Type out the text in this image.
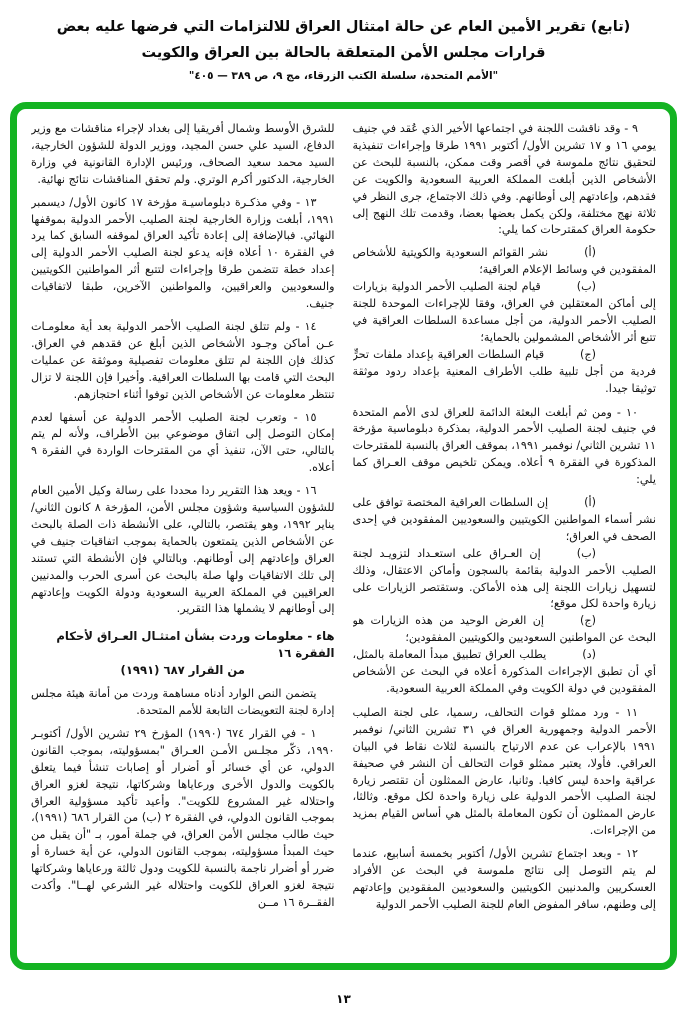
(تابع) تقرير الأمين العام عن حالة امتثال العراق للالتزامات التي فرضها عليه بعض
قرارات مجلس الأمن المتعلقة بالحالة بين العراق والكويت
"الأمم المتحدة، سلسلة الكتب الزرقاء، مج ٩، ص ٣٨٩ — ٤٠٥"

٩ - وقد ناقشت اللجنة في اجتماعها الأخير الذي عُقد في جنيف يومي ١٦ و ١٧ تشرين الأول/ أكتوبر ١٩٩١ طرقا وإجراءات تنفيذية لتحقيق نتائج ملموسة في أقصر وقت ممكن، بالنسبة للبحث عن الأشخاص الذين أبلغت المملكة العربية السعودية والكويت عن فقدهم، وإعادتهم إلى أوطانهم. وفي ذلك الاجتماع، جرى النظر في ثلاثة نهج مختلفة، ولكن يكمل بعضها بعضا، وقدمت تلك النهج إلى حكومة العراق كمقترحات كما يلي:

(أ)نشر القوائم السعودية والكويتية للأشخاص المفقودين في وسائط الإعلام العراقية؛

(ب)قيام لجنة الصليب الأحمر الدولية بزيارات إلى أماكن المعتقلين في العراق، وفقا للإجراءات الموحدة للجنة الصليب الأحمر الدولية، من أجل مساعدة السلطات العراقية في تتبع أثر الأشخاص المشمولين بالحماية؛

(ج)قيام السلطات العراقية بإعداد ملفات تحرٍّ فردية من أجل تلبية طلب الأطراف المعنية بإعداد ردود موثقة توثيقا جيدا.

١٠ - ومن ثم أبلغت البعثة الدائمة للعراق لدى الأمم المتحدة في جنيف لجنة الصليب الأحمر الدولية، بمذكرة دبلوماسية مؤرخة ١١ تشرين الثاني/ نوفمبر ١٩٩١، بموقف العراق بالنسبة للمقترحات المذكورة في الفقرة ٩ أعلاه. ويمكن تلخيص موقف العـراق كما يلي:

(أ)إن السلطات العراقية المختصة توافق على نشر أسماء المواطنين الكويتيين والسعوديين المفقودين في إحدى الصحف في العراق؛

(ب)إن العـراق على استعـداد لتزويـد لجنة الصليب الأحمر الدولية بقائمة بالسجون وأماكن الاعتقال، وذلك لتسهيل زيارات اللجنة إلى هذه الأماكن. وستقتصر الزيارات على زيارة واحدة لكل موقع؛

(ج)إن الغرض الوحيد من هذه الزيارات هو البحث عن المواطنين السعوديين والكويتيين المفقودين؛

(د)يطلب العراق تطبيق مبدأ المعاملة بالمثل، أي أن تطبق الإجراءات المذكورة أعلاه في البحث عن الأشخاص المفقودين في دولة الكويت وفي المملكة العربية السعودية.

١١ - ورد ممثلو قوات التحالف، رسميا، على لجنة الصليب الأحمر الدولية وجمهورية العراق في ٣١ تشرين الثاني/ نوفمبر ١٩٩١ بالإعراب عن عدم الارتياح بالنسبة لثلاث نقاط في البيان العراقي. فأولا، يعتبر ممثلو قوات التحالف أن النشر في صحيفة عراقية واحدة ليس كافيا. وثانيا، عارض الممثلون أن تقتصر زيارة لجنة الصليب الأحمر الدولية على زيارة واحدة لكل موقع. وثالثا، عارض الممثلون أن تكون المعاملة بالمثل هي أساس القيام بمزيد من الإجراءات.

١٢ - وبعد اجتماع تشرين الأول/ أكتوبر بخمسة أسابيع، عندما لم يتم التوصل إلى نتائج ملموسة في البحث عن الأفراد العسكريين والمدنيين الكويتيين والسعوديين المفقودين وإعادتهم إلى وطنهم، سافر المفوض العام للجنة الصليب الأحمر الدولية

للشرق الأوسط وشمال أفريقيا إلى بغداد لإجراء مناقشات مع وزير الدفاع، السيد علي حسن المجيد، ووزير الدولة للشؤون الخارجية، السيد محمد سعيد الصحاف، ورئيس الإدارة القانونية في وزارة الخارجية، الدكتور أكرم الوتري. ولم تحقق المناقشات نتائج نهائية.

١٣ - وفي مذكـرة دبلوماسيـة مؤرخة ١٧ كانون الأول/ ديسمبر ١٩٩١، أبلغت وزارة الخارجية لجنة الصليب الأحمر الدولية بموقفها النهائي. فبالإضافة إلى إعادة تأكيد العراق لموقفه السابق كما يرد في الفقرة ١٠ أعلاه فإنه يدعو لجنة الصليب الأحمر الدولية إلى إعداد خطة تتضمن طرقا وإجراءات لتتبع أثر المواطنين الكويتيين والسعوديين والعراقيين، والمواطنين الآخرين، طبقا لاتفاقيات جنيف.

١٤ - ولم تتلق لجنة الصليب الأحمر الدولية بعد أية معلومـات عـن أماكن وجـود الأشخاص الذين أبلغ عن فقدهم في العراق. كذلك فإن اللجنة لم تتلق معلومات تفصيلية وموثقة عن عمليات البحث التي قامت بها السلطات العراقية. وأخيرا فإن اللجنة لا تزال تنتظر معلومات عن الأشخاص الذين توفوا أثناء احتجازهم.

١٥ - وتعرب لجنة الصليب الأحمر الدولية عن أسفها لعدم إمكان التوصل إلى اتفاق موضوعي بين الأطراف، ولأنه لم يتم بالتالي، حتى الآن، تنفيذ أي من المقترحات الواردة في الفقرة ٩ أعلاه.

١٦ - ويعد هذا التقرير ردا محددا على رسالة وكيل الأمين العام للشؤون السياسية وشؤون مجلس الأمن، المؤرخة ٨ كانون الثاني/ يناير ١٩٩٢، وهو يقتصر، بالتالي، على الأنشطة ذات الصلة بالبحث عن الأشخاص الذين يتمتعون بالحماية بموجب اتفاقيات جنيف في العراق وإعادتهم إلى أوطانهم. وبالتالي فإن الأنشطة التي تستند إلى تلك الاتفاقيات ولها صلة بالبحث عن أسرى الحرب والمدنيين العراقيين في المملكة العربية السعودية ودولة الكويت وإعادتهم إلى أوطانهم لا يشملها هذا التقرير.

هاء - معلومات وردت بشأن امتثـال العـراق لأحكام الفقرة ١٦
من القرار ٦٨٧ (١٩٩١)

يتضمن النص الوارد أدناه مساهمة وردت من أمانة هيئة مجلس إدارة لجنة التعويضات التابعة للأمم المتحدة.

١ - في القرار ٦٧٤ (١٩٩٠) المؤرخ ٢٩ تشرين الأول/ أكتوبـر ١٩٩٠، ذكّر مجلـس الأمـن العـراق "بمسؤوليته، بموجب القانون الدولي، عن أي خسائر أو أضرار أو إصابات تنشأ فيما يتعلق بالكويت والدول الأخرى ورعاياها وشركاتها، نتيجة لغزو العراق واحتلاله غير المشروع للكويت". وأعيد تأكيد مسؤولية العراق بموجب القانون الدولي، في الفقرة ٢ (ب) من القرار ٦٨٦ (١٩٩١)، حيث طالب مجلس الأمن العراق، في جملة أمور، بـ "أن يقبل من حيث المبدأ مسؤوليته، بموجب القانون الدولي، عن أية خسارة أو ضرر أو أضرار ناجمة بالنسبة للكويت ودول ثالثة ورعاياها وشركاتها نتيجة لغزو العراق للكويت واحتلاله غير الشرعي لهــا". وأكدت الفقــرة ١٦ مــن

١٣
